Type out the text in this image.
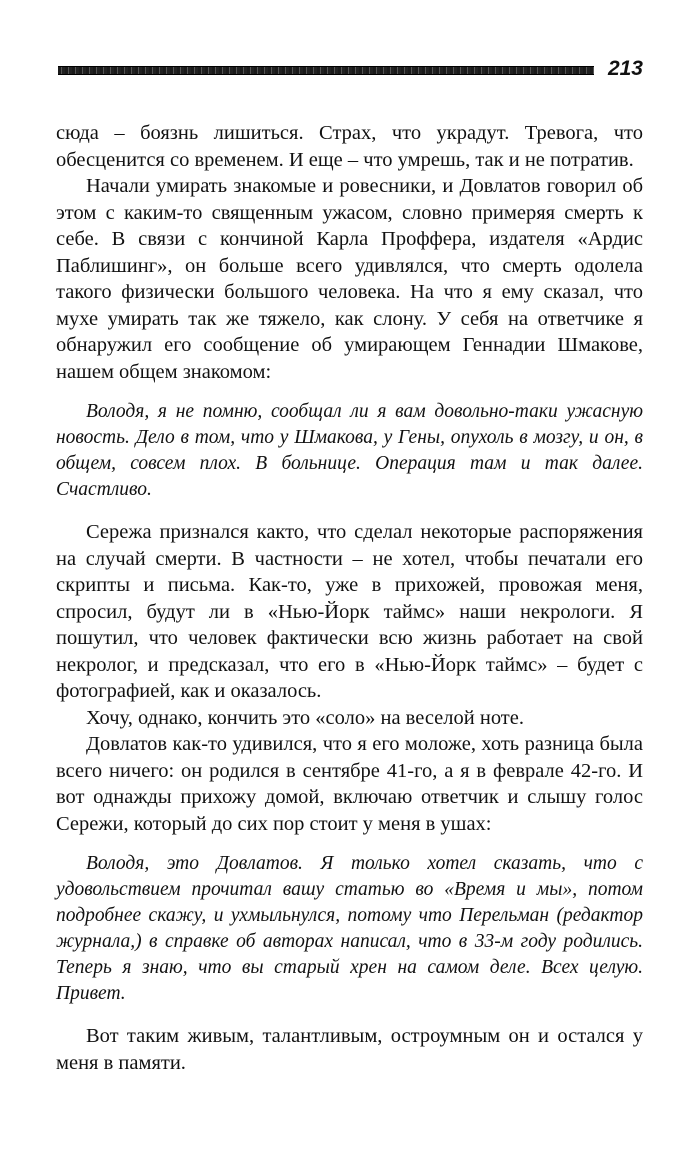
213

сюда – боязнь лишиться. Страх, что украдут. Тревога, что обесценится со временем. И еще – что умрешь, так и не потратив.

Начали умирать знакомые и ровесники, и Довлатов говорил об этом с каким-то священным ужасом, словно примеряя смерть к себе. В связи с кончиной Карла Проффера, издателя «Ардис Паблишинг», он больше всего удивлялся, что смерть одолела такого физически большого человека. На что я ему сказал, что мухе умирать так же тяжело, как слону. У себя на ответчике я обнаружил его сообщение об умирающем Геннадии Шмакове, нашем общем знакомом:

Володя, я не помню, сообщал ли я вам довольно-таки ужасную новость. Дело в том, что у Шмакова, у Гены, опухоль в мозгу, и он, в общем, совсем плох. В больнице. Операция там и так далее. Счастливо.

Сережа признался както, что сделал некоторые распоряжения на случай смерти. В частности – не хотел, чтобы печатали его скрипты и письма. Как-то, уже в прихожей, провожая меня, спросил, будут ли в «Нью-Йорк таймс» наши некрологи. Я пошутил, что человек фактически всю жизнь работает на свой некролог, и предсказал, что его в «Нью-Йорк таймс» – будет с фотографией, как и оказалось.

Хочу, однако, кончить это «соло» на веселой ноте.

Довлатов как-то удивился, что я его моложе, хоть разница была всего ничего: он родился в сентябре 41-го, а я в феврале 42-го. И вот однажды прихожу домой, включаю ответчик и слышу голос Сережи, который до сих пор стоит у меня в ушах:

Володя, это Довлатов. Я только хотел сказать, что с удовольствием прочитал вашу статью во «Время и мы», потом подробнее скажу, и ухмыльнулся, потому что Перельман (редактор журнала,) в справке об авторах написал, что в 33-м году родились. Теперь я знаю, что вы старый хрен на самом деле. Всех целую. Привет.

Вот таким живым, талантливым, остроумным он и остался у меня в памяти.
